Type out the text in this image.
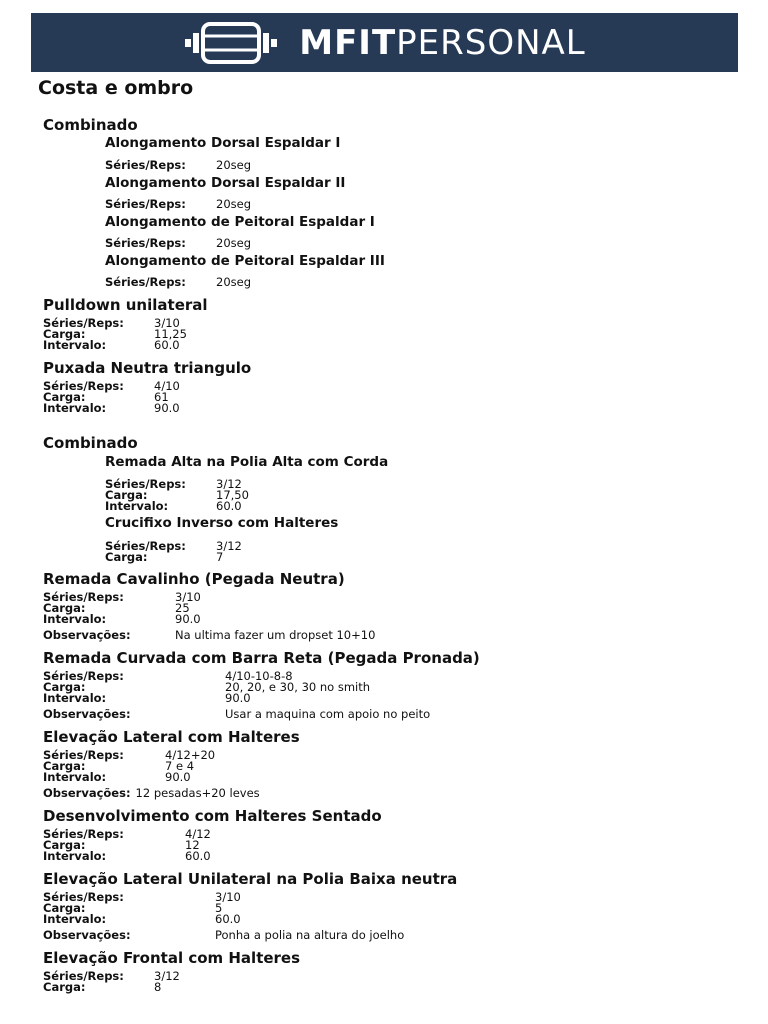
MFITPERSONAL
Costa e ombro
Combinado
Alongamento Dorsal Espaldar I
Séries/Reps:	20seg
Alongamento Dorsal Espaldar II
Séries/Reps:	20seg
Alongamento de Peitoral Espaldar I
Séries/Reps:	20seg
Alongamento de Peitoral Espaldar III
Séries/Reps:	20seg
Pulldown unilateral
Séries/Reps:	3/10
Carga:	11,25
Intervalo:	60.0
Puxada Neutra triangulo
Séries/Reps:	4/10
Carga:	61
Intervalo:	90.0
Combinado
Remada Alta na Polia Alta com Corda
Séries/Reps:	3/12
Carga:	17,50
Intervalo:	60.0
Crucifixo Inverso com Halteres
Séries/Reps:	3/12
Carga:	7
Remada Cavalinho (Pegada Neutra)
Séries/Reps:	3/10
Carga:	25
Intervalo:	90.0
Observações:	Na ultima fazer um dropset 10+10
Remada Curvada com Barra Reta (Pegada Pronada)
Séries/Reps:	4/10-10-8-8
Carga:	20, 20, e 30, 30 no smith
Intervalo:	90.0
Observações:	Usar a maquina com apoio no peito
Elevação Lateral com Halteres
Séries/Reps:	4/12+20
Carga:	7 e 4
Intervalo:	90.0
Observações: 12 pesadas+20 leves
Desenvolvimento com Halteres Sentado
Séries/Reps:	4/12
Carga:	12
Intervalo:	60.0
Elevação Lateral Unilateral na Polia Baixa neutra
Séries/Reps:	3/10
Carga:	5
Intervalo:	60.0
Observações:	Ponha a polia na altura do joelho
Elevação Frontal com Halteres
Séries/Reps:	3/12
Carga:	8
